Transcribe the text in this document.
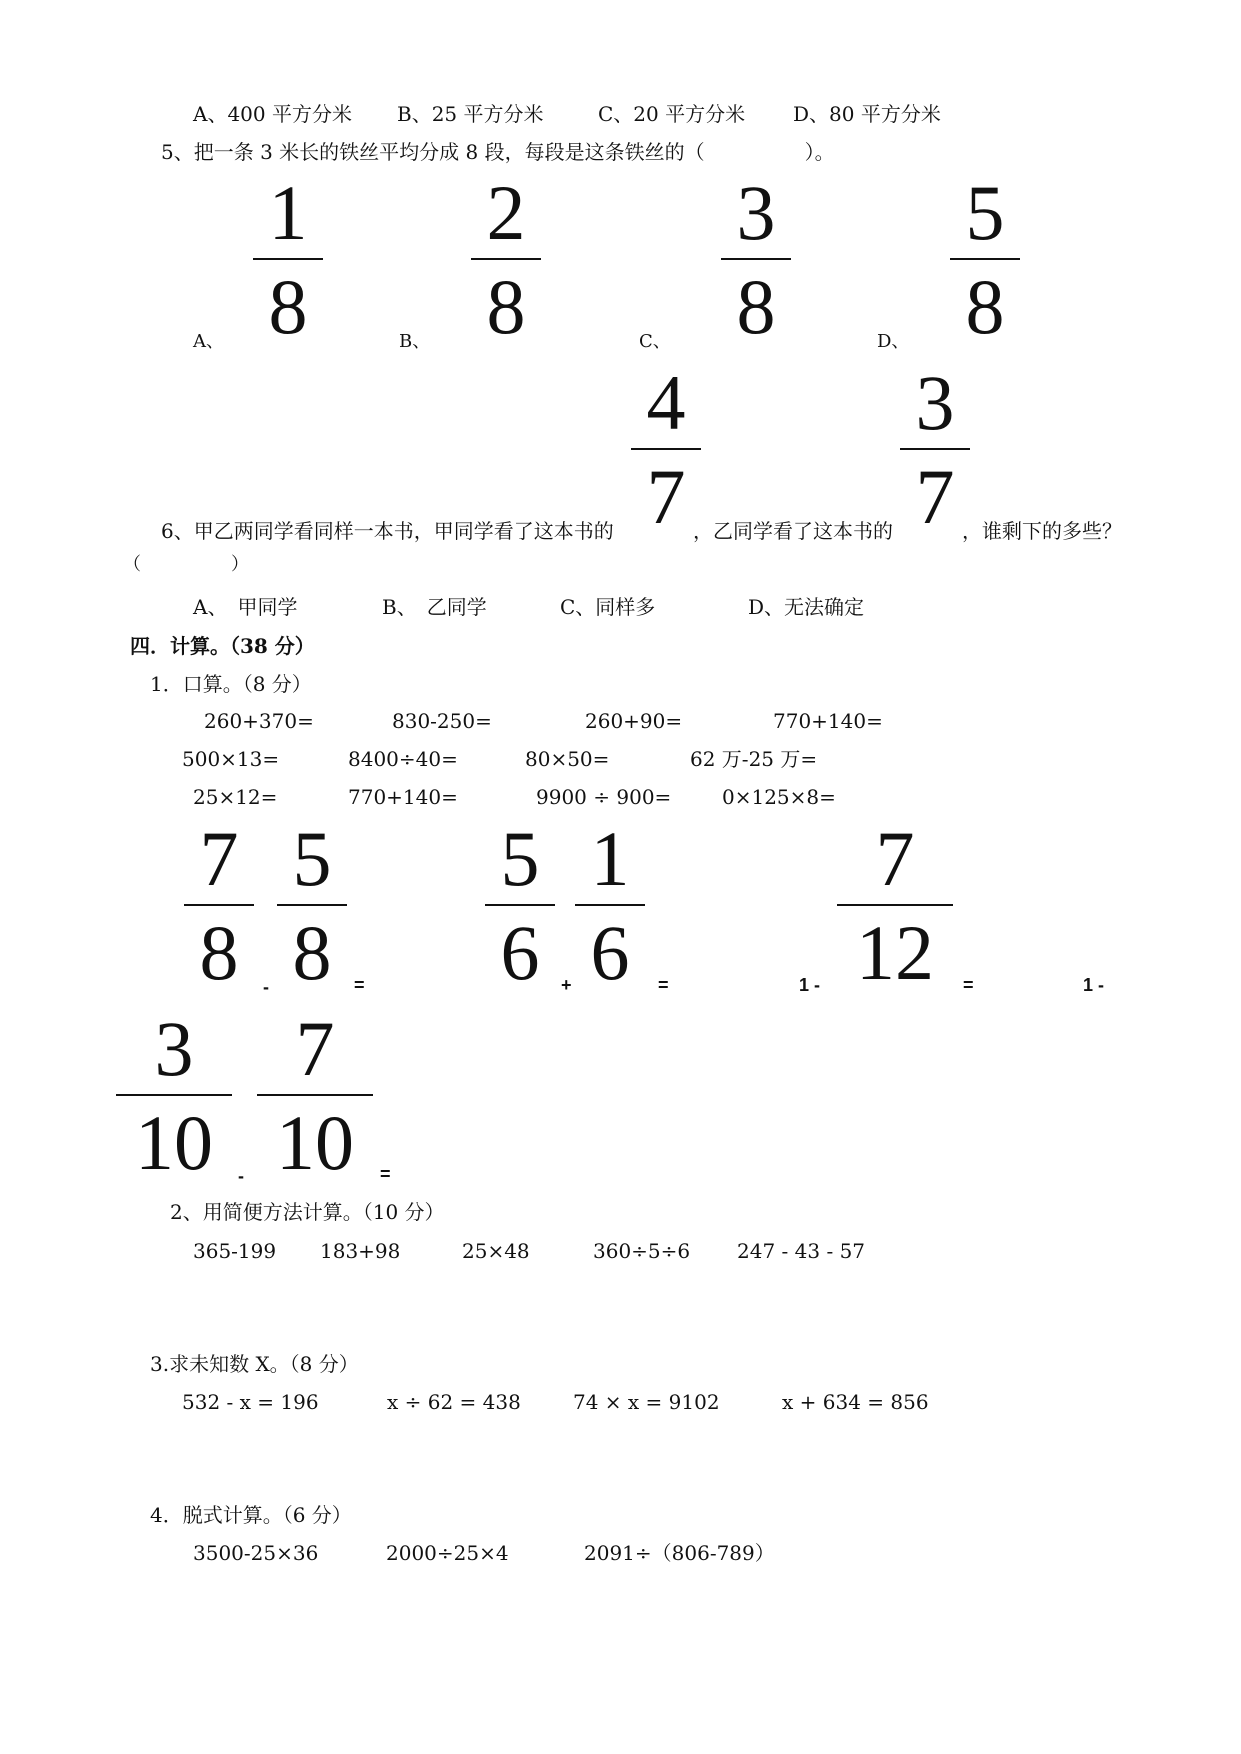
A、400 平方分米 B、25 平方分米	C、20 平方分米 D、80 平方分米
5、把一条 3 米长的铁丝平均分成 8 段，每段是这条铁丝的（　　　　　）。
1
8
2
8
3
8
5
8
A、	B、	C、	D、
4
7
3
7
6、甲乙两同学看同样一本书，甲同学看了这本书的	，乙同学看了这本书的	，谁剩下的多些？
（　　　　　）
A、　甲同学	B、　乙同学	C、同样多	D、无法确定
四．计算。（38 分）
1．口算。（8 分）
260+370=	830-250=	260+90=	770+140=
500×13=	8400÷40=	80×50=	62 万-25 万=
25×12=	770+140=	9900 ÷ 900=	0×125×8=
7
8	-
5
8	=
5
6	+
1
6	=	1 -
7
12	=	1 -
3
10	-
7
10	=
2、用简便方法计算。（10 分）
365-199 183+98	25×48	360÷5÷6 247 - 43 - 57
3.求未知数 X。（8 分）
532 - x = 196	x ÷ 62 = 438	74 × x = 9102	x + 634 = 856
4．脱式计算。（6 分）
3500-25×36	2000÷25×4	2091÷（806-789）
